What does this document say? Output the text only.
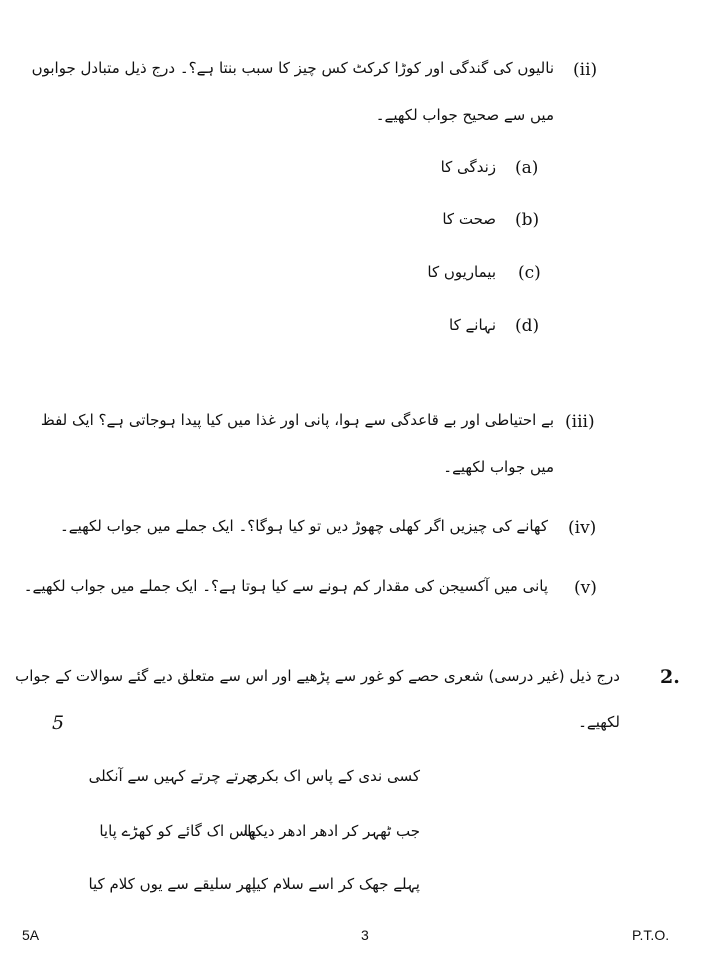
(ii)
نالیوں کی گندگی اور کوڑا کرکٹ کس چیز کا سبب بنتا ہے؟۔ درج ذیل متبادل جوابوں
میں سے صحیح جواب لکھیے۔
(a)
زندگی کا
(b)
صحت کا
(c)
بیماریوں کا
(d)
نہانے کا
(iii)
بے احتیاطی اور بے قاعدگی سے ہوا، پانی اور غذا میں کیا پیدا ہوجاتی ہے؟ ایک لفظ
میں جواب لکھیے۔
(iv)
کھانے کی چیزیں اگر کھلی چھوڑ دیں تو کیا ہوگا؟۔ ایک جملے میں جواب لکھیے۔
(v)
پانی میں آکسیجن کی مقدار کم ہونے سے کیا ہوتا ہے؟۔ ایک جملے میں جواب لکھیے۔
2.
درج ذیل (غیر درسی) شعری حصے کو غور سے پڑھیے اور اس سے متعلق دیے گئے سوالات کے جواب
لکھیے۔
5
کسی ندی کے پاس اک بکری
چرتے چرتے کہیں سے آنکلی
جب ٹھہر کر ادھر ادھر دیکھا
پاس اک گائے کو کھڑے پایا
پہلے جھک کر اسے سلام کیا
پھر سلیقے سے یوں کلام کیا
5A	3	P.T.O.
